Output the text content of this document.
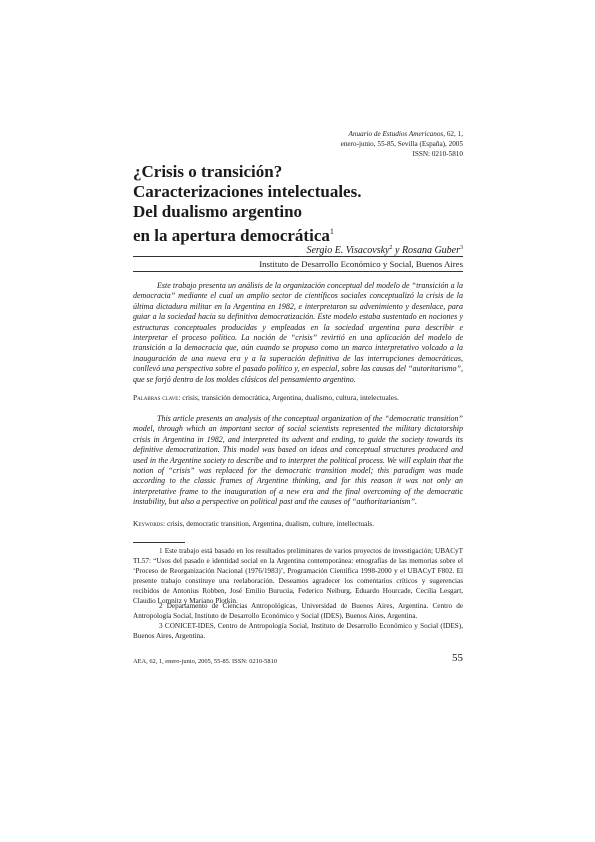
Anuario de Estudios Americanos, 62, 1,
enero-junio, 55-85, Sevilla (España), 2005
ISSN: 0210-5810
¿Crisis o transición?
Caracterizaciones intelectuales.
Del dualismo argentino
en la apertura democrática$^1$
Sergio E. Visacovsky$^2$ y Rosana Guber$^3$
Instituto de Desarrollo Económico y Social, Buenos Aires

Este trabajo presenta un análisis de la organización conceptual del modelo de “transición a la democracia” mediante el cual un amplio sector de científicos sociales conceptualizó la crisis de la última dictadura militar en la Argentina en 1982, e interpretaron su advenimiento y desenlace, para guiar a la sociedad hacia su definitiva democratización. Este modelo estaba sustentado en nociones y estructuras conceptuales producidas y empleadas en la sociedad argentina para describir e interpretar el proceso político. La noción de “crisis” revirtió en una aplicación del modelo de transición a la democracia que, aún cuando se propuso como un marco interpretativo volcado a la inauguración de una nueva era y a la superación definitiva de las interrupciones democráticas, conllevó una perspectiva sobre el pasado político y, en especial, sobre las causas del “autoritarismo”, que se forjó dentro de los moldes clásicos del pensamiento argentino.

Palabras clave: crisis, transición democrática, Argentina, dualismo, cultura, intelectuales.

This article presents an analysis of the conceptual organization of the “democratic transition” model, through which an important sector of social scientists represented the military dictatorship crisis in Argentina in 1982, and interpreted its advent and ending, to guide the society towards its definitive democratization. This model was based on ideas and conceptual structures produced and used in the Argentine society to describe and to interpret the political process. We will explain that the notion of “crisis” was replaced for the democratic transition model; this paradigm was made according to the classic frames of Argentine thinking, and for this reason it was not only an interpretative frame to the inauguration of a new era and the final overcoming of the democratic instability, but also a perspective on political past and the causes of “authoritarianism”.

Keywords: crisis, democratic transition, Argentina, dualism, culture, intellectuals.

1 Este trabajo está basado en los resultados preliminares de varios proyectos de investigación; UBACyT TL57: “Usos del pasado e identidad social en la Argentina contemporánea: etnografías de las memorias sobre el ‘Proceso de Reorganización Nacional (1976/1983)’, Programación Científica 1998-2000 y el UBACyT F802. El presente trabajo constituye una reelaboración. Deseamos agradecer los comentarios críticos y sugerencias recibidos de Antonius Robben, José Emilio Burucúa, Federico Neiburg, Eduardo Hourcade, Cecilia Lesgart, Claudio Lomnitz y Mariano Plotkin.

2 Departamento de Ciencias Antropológicas, Universidad de Buenos Aires, Argentina. Centro de Antropología Social, Instituto de Desarrollo Económico y Social (IDES), Buenos Aires, Argentina.

3 CONICET-IDES, Centro de Antropología Social, Instituto de Desarrollo Económico y Social (IDES), Buenos Aires, Argentina.

AEA, 62, 1, enero-junio, 2005, 55-85. ISSN: 0210-5810	55
